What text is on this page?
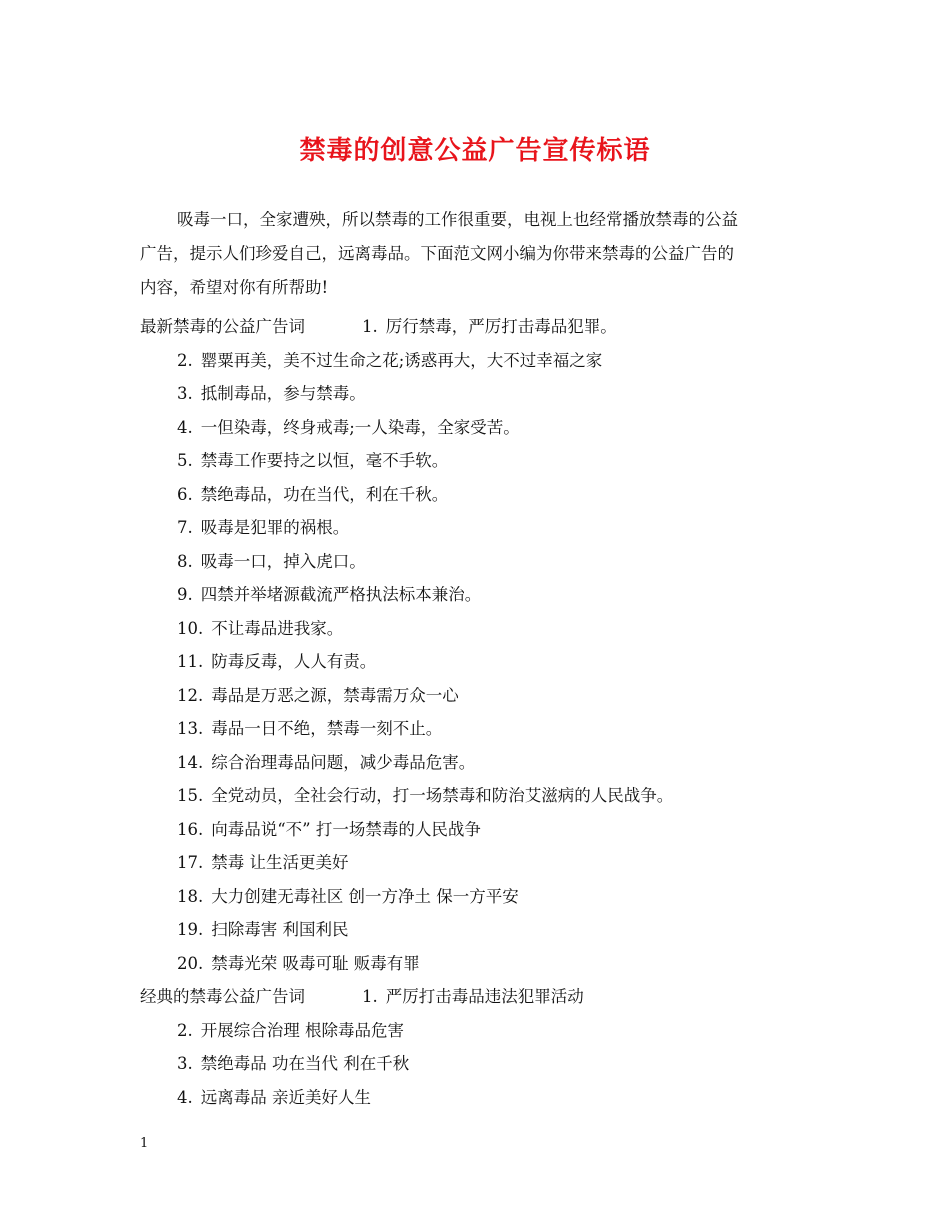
禁毒的创意公益广告宣传标语
吸毒一口，全家遭殃，所以禁毒的工作很重要，电视上也经常播放禁毒的公益
广告，提示人们珍爱自己，远离毒品。下面范文网小编为你带来禁毒的公益广告的
内容，希望对你有所帮助!
最新禁毒的公益广告词	1. 厉行禁毒，严厉打击毒品犯罪。
2. 罂粟再美，美不过生命之花;诱惑再大，大不过幸福之家
3. 抵制毒品，参与禁毒。
4. 一但染毒，终身戒毒;一人染毒，全家受苦。
5. 禁毒工作要持之以恒，毫不手软。
6. 禁绝毒品，功在当代，利在千秋。
7. 吸毒是犯罪的祸根。
8. 吸毒一口，掉入虎口。
9. 四禁并举堵源截流严格执法标本兼治。
10. 不让毒品进我家。
11. 防毒反毒，人人有责。
12. 毒品是万恶之源，禁毒需万众一心
13. 毒品一日不绝，禁毒一刻不止。
14. 综合治理毒品问题，减少毒品危害。
15. 全党动员，全社会行动，打一场禁毒和防治艾滋病的人民战争。
16. 向毒品说“不” 打一场禁毒的人民战争
17. 禁毒 让生活更美好
18. 大力创建无毒社区 创一方净土 保一方平安
19. 扫除毒害 利国利民
20. 禁毒光荣 吸毒可耻 贩毒有罪
经典的禁毒公益广告词	1. 严厉打击毒品违法犯罪活动
2. 开展综合治理 根除毒品危害
3. 禁绝毒品 功在当代 利在千秋
4. 远离毒品 亲近美好人生
1
